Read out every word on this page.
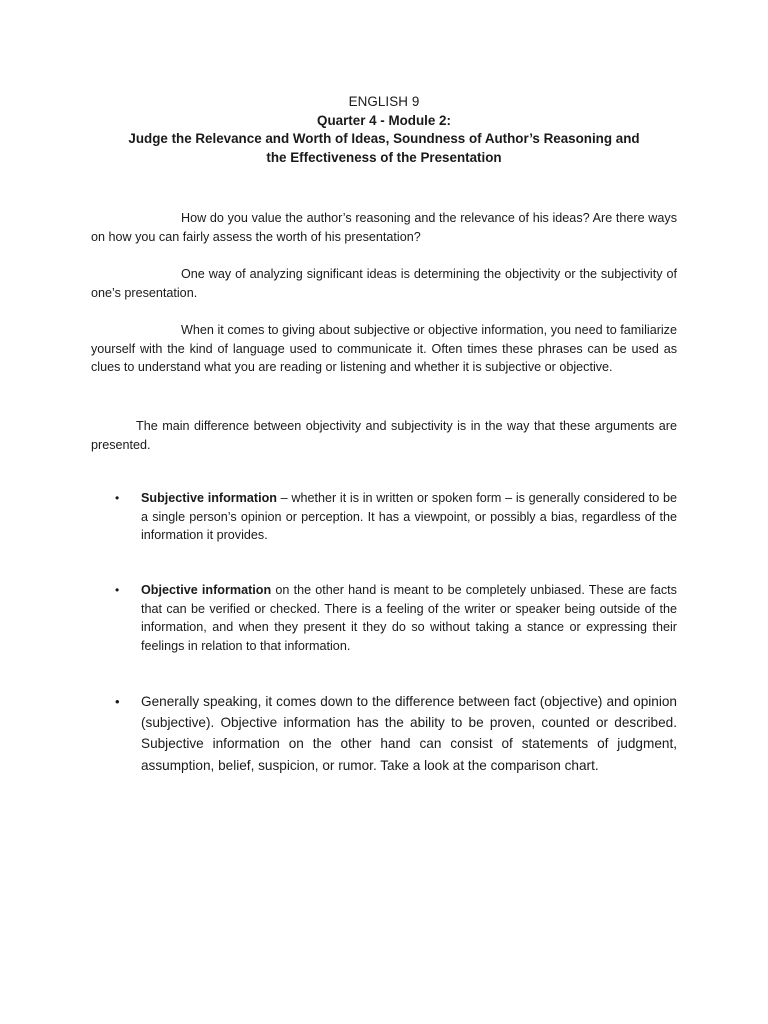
ENGLISH 9
Quarter 4 - Module 2:
Judge the Relevance and Worth of Ideas, Soundness of Author’s Reasoning and
the Effectiveness of the Presentation

How do you value the author’s reasoning and the relevance of his ideas? Are there ways on how you can fairly assess the worth of his presentation?

One way of analyzing significant ideas is determining the objectivity or the subjectivity of one’s presentation.

When it comes to giving about subjective or objective information, you need to familiarize yourself with the kind of language used to communicate it. Often times these phrases can be used as clues to understand what you are reading or listening and whether it is subjective or objective.

The main difference between objectivity and subjectivity is in the way that these arguments are presented.

•	Subjective information – whether it is in written or spoken form – is generally considered to be a single person’s opinion or perception. It has a viewpoint, or possibly a bias, regardless of the information it provides.
•	Objective information on the other hand is meant to be completely unbiased. These are facts that can be verified or checked. There is a feeling of the writer or speaker being outside of the information, and when they present it they do so without taking a stance or expressing their feelings in relation to that information.
•	Generally speaking, it comes down to the difference between fact (objective) and opinion (subjective). Objective information has the ability to be proven, counted or described. Subjective information on the other hand can consist of statements of judgment, assumption, belief, suspicion, or rumor. Take a look at the comparison chart.
